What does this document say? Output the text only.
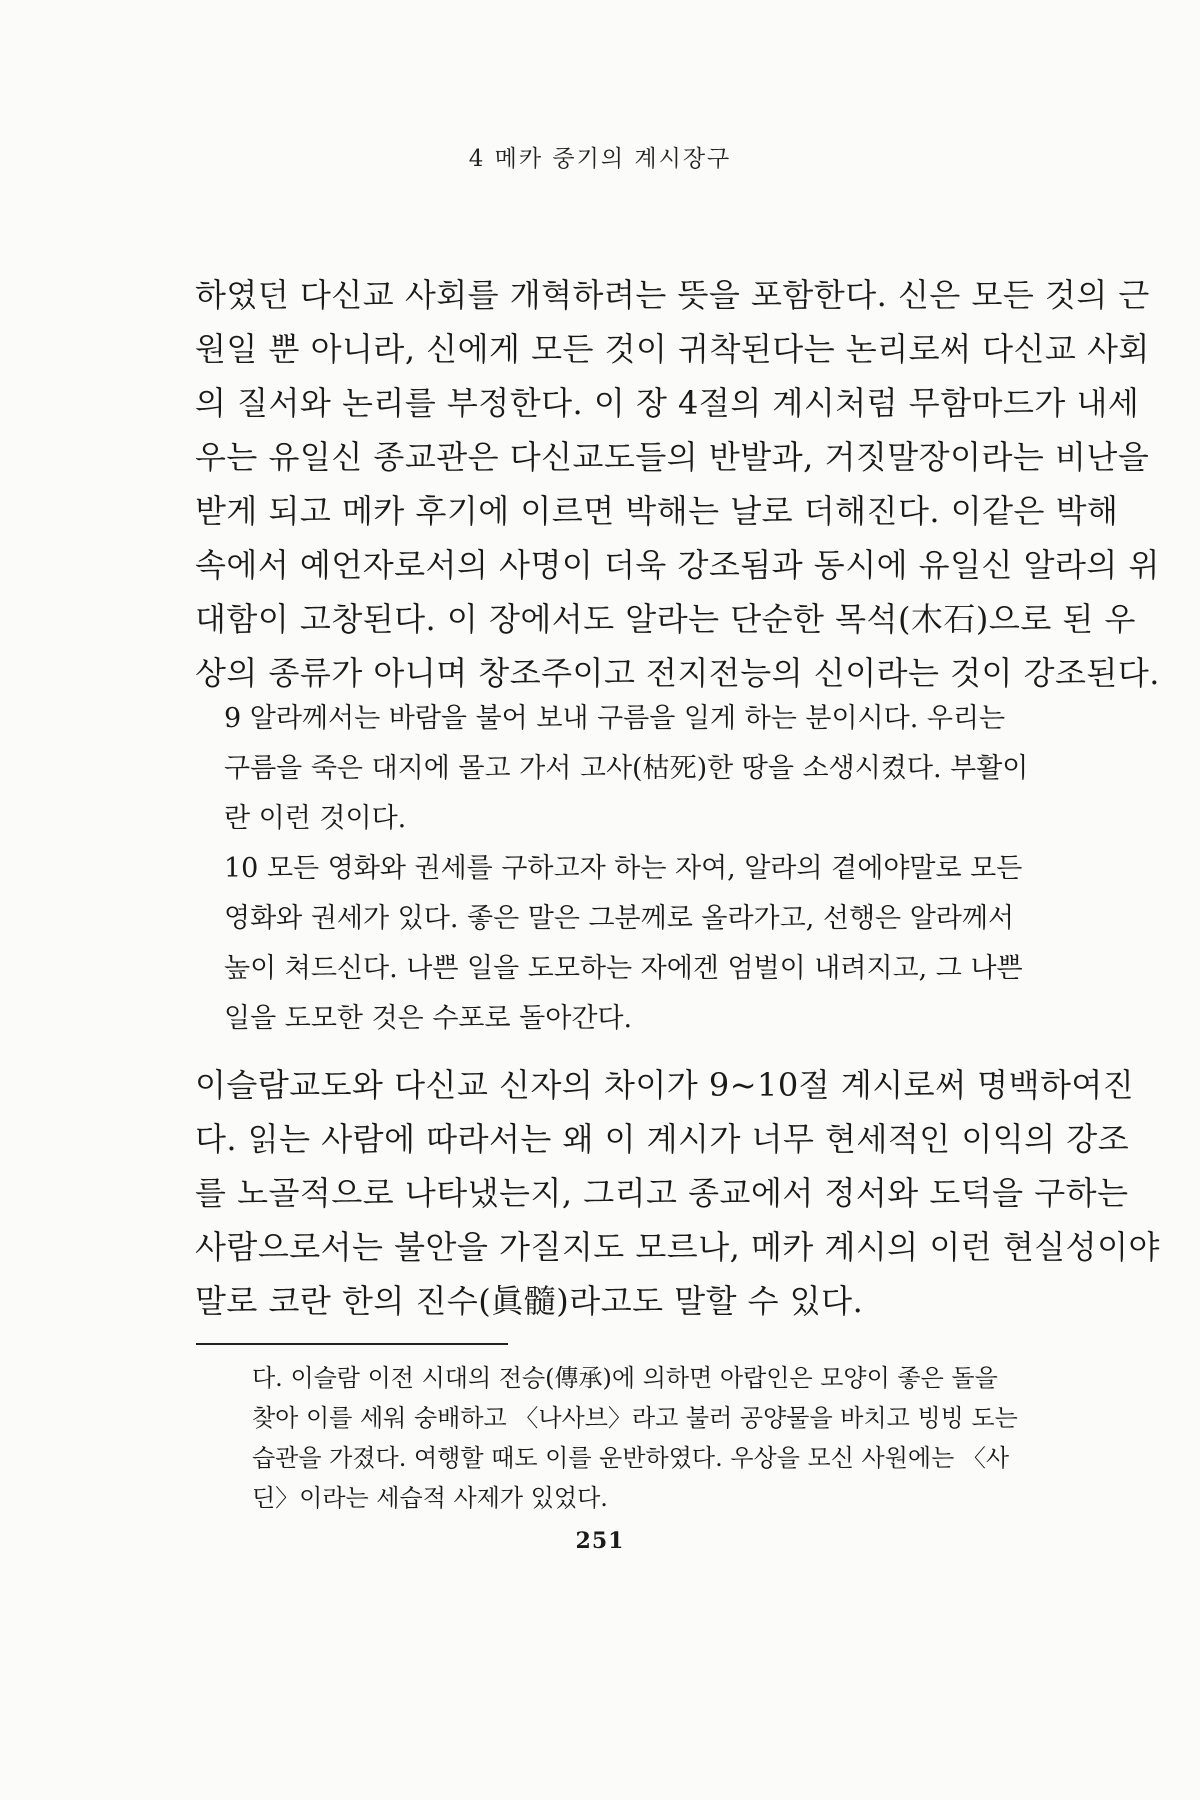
4 메카 중기의 계시장구
하였던 다신교 사회를 개혁하려는 뜻을 포함한다. 신은 모든 것의 근
원일 뿐 아니라, 신에게 모든 것이 귀착된다는 논리로써 다신교 사회
의 질서와 논리를 부정한다. 이 장 4절의 계시처럼 무함마드가 내세
우는 유일신 종교관은 다신교도들의 반발과, 거짓말장이라는 비난을
받게 되고 메카 후기에 이르면 박해는 날로 더해진다. 이같은 박해
속에서 예언자로서의 사명이 더욱 강조됨과 동시에 유일신 알라의 위
대함이 고창된다. 이 장에서도 알라는 단순한 목석(木石)으로 된 우
상의 종류가 아니며 창조주이고 전지전능의 신이라는 것이 강조된다.
9 알라께서는 바람을 불어 보내 구름을 일게 하는 분이시다. 우리는
구름을 죽은 대지에 몰고 가서 고사(枯死)한 땅을 소생시켰다. 부활이
란 이런 것이다.
10 모든 영화와 권세를 구하고자 하는 자여, 알라의 곁에야말로 모든
영화와 권세가 있다. 좋은 말은 그분께로 올라가고, 선행은 알라께서
높이 쳐드신다. 나쁜 일을 도모하는 자에겐 엄벌이 내려지고, 그 나쁜
일을 도모한 것은 수포로 돌아간다.
이슬람교도와 다신교 신자의 차이가 9~10절 계시로써 명백하여진
다. 읽는 사람에 따라서는 왜 이 계시가 너무 현세적인 이익의 강조
를 노골적으로 나타냈는지, 그리고 종교에서 정서와 도덕을 구하는
사람으로서는 불안을 가질지도 모르나, 메카 계시의 이런 현실성이야
말로 코란 한의 진수(眞髓)라고도 말할 수 있다.
다. 이슬람 이전 시대의 전승(傳承)에 의하면 아랍인은 모양이 좋은 돌을
찾아 이를 세워 숭배하고 〈나사브〉라고 불러 공양물을 바치고 빙빙 도는
습관을 가졌다. 여행할 때도 이를 운반하였다. 우상을 모신 사원에는 〈사
딘〉이라는 세습적 사제가 있었다.
251
